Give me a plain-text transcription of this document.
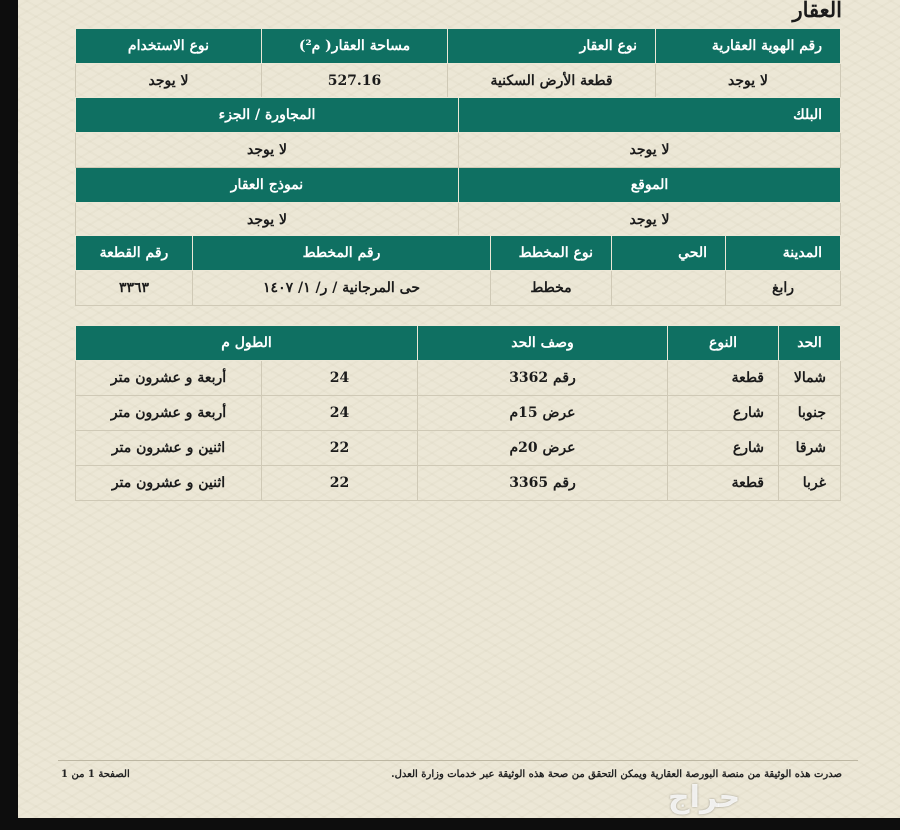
العقار
رقم الهوية العقارية	نوع العقار	مساحة العقار( م²)	نوع الاستخدام
لا يوجد	قطعة الأرض السكنية	527.16	لا يوجد
البلك	المجاورة / الجزء
لا يوجد	لا يوجد
الموقع	نموذج العقار
لا يوجد	لا يوجد
المدينة	الحي	نوع المخطط	رقم المخطط	رقم القطعة
رابغ		مخطط	حى المرجانية / ر/ ١/ ١٤٠٧	٣٣٦٣
الحد	النوع	وصف الحد	الطول م	
شمالا	قطعة	رقم 3362	24	أربعة و عشرون متر
جنوبا	شارع	عرض 15م	24	أربعة و عشرون متر
شرقا	شارع	عرض 20م	22	اثنين و عشرون متر
غربا	قطعة	رقم 3365	22	اثنين و عشرون متر
صدرت هذه الوثيقة من منصة البورصة العقارية ويمكن التحقق من صحة هذه الوثيقة عبر خدمات وزارة العدل.
الصفحة 1 من 1
حراج
